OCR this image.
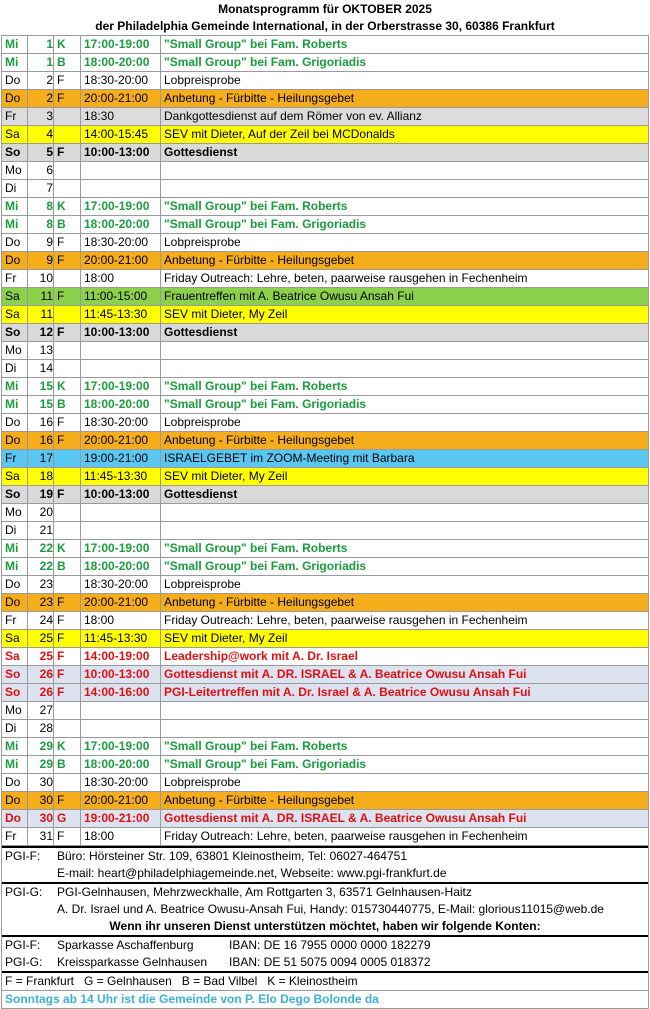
Monatsprogramm für OKTOBER 2025
der Philadelphia Gemeinde International, in der Orberstrasse 30, 60386 Frankfurt
Mi	1	K	17:00-19:00	"Small Group" bei Fam. Roberts
Mi	1	B	18:00-20:00	"Small Group" bei Fam. Grigoriadis
Do	2	F	18:30-20:00	Lobpreisprobe
Do	2	F	20:00-21:00	Anbetung - Fürbitte - Heilungsgebet
Fr	3		18:30	Dankgottesdienst auf dem Römer von ev. Allianz
Sa	4		14:00-15:45	SEV mit Dieter, Auf der Zeil bei MCDonalds
So	5	F	10:00-13:00	Gottesdienst
Mo	6			
Di	7			
Mi	8	K	17:00-19:00	"Small Group" bei Fam. Roberts
Mi	8	B	18:00-20:00	"Small Group" bei Fam. Grigoriadis
Do	9	F	18:30-20:00	Lobpreisprobe
Do	9	F	20:00-21:00	Anbetung - Fürbitte - Heilungsgebet
Fr	10		18:00	Friday Outreach: Lehre, beten, paarweise rausgehen in Fechenheim
Sa	11	F	11:00-15:00	Frauentreffen mit A. Beatrice Owusu Ansah Fui
Sa	11		11:45-13:30	SEV mit Dieter, My Zeil
So	12	F	10:00-13:00	Gottesdienst
Mo	13			
Di	14			
Mi	15	K	17:00-19:00	"Small Group" bei Fam. Roberts
Mi	15	B	18:00-20:00	"Small Group" bei Fam. Grigoriadis
Do	16	F	18:30-20:00	Lobpreisprobe
Do	16	F	20:00-21:00	Anbetung - Fürbitte - Heilungsgebet
Fr	17		19:00-21:00	ISRAELGEBET im ZOOM-Meeting mit Barbara
Sa	18		11:45-13:30	SEV mit Dieter, My Zeil
So	19	F	10:00-13:00	Gottesdienst
Mo	20			
Di	21			
Mi	22	K	17:00-19:00	"Small Group" bei Fam. Roberts
Mi	22	B	18:00-20:00	"Small Group" bei Fam. Grigoriadis
Do	23		18:30-20:00	Lobpreisprobe
Do	23	F	20:00-21:00	Anbetung - Fürbitte - Heilungsgebet
Fr	24	F	18:00	Friday Outreach: Lehre, beten, paarweise rausgehen in Fechenheim
Sa	25	F	11:45-13:30	SEV mit Dieter, My Zeil
Sa	25	F	14:00-19:00	Leadership@work mit A. Dr. Israel
So	26	F	10:00-13:00	Gottesdienst mit A. DR. ISRAEL & A. Beatrice Owusu Ansah Fui
So	26	F	14:00-16:00	PGI-Leitertreffen mit A. Dr. Israel & A. Beatrice Owusu Ansah Fui
Mo	27			
Di	28			
Mi	29	K	17:00-19:00	"Small Group" bei Fam. Roberts
Mi	29	B	18:00-20:00	"Small Group" bei Fam. Grigoriadis
Do	30		18:30-20:00	Lobpreisprobe
Do	30	F	20:00-21:00	Anbetung - Fürbitte - Heilungsgebet
Do	30	G	19:00-21:00	Gottesdienst mit A. DR. ISRAEL & A. Beatrice Owusu Ansah Fui
Fr	31	F	18:00	Friday Outreach: Lehre, beten, paarweise rausgehen in Fechenheim
PGI-F:	Büro: Hörsteiner Str. 109, 63801 Kleinostheim, Tel: 06027-464751
E-mail: heart@philadelphiagemeinde.net, Webseite: www.pgi-frankfurt.de
PGI-G:	PGI-Gelnhausen, Mehrzweckhalle, Am Rottgarten 3, 63571 Gelnhausen-Haitz
A. Dr. Israel und A. Beatrice Owusu-Ansah Fui, Handy: 015730440775, E-Mail: glorious11015@web.de
Wenn ihr unseren Dienst unterstützen möchtet, haben wir folgende Konten:
PGI-F:	Sparkasse Aschaffenburg	IBAN: DE 16 7955 0000 0000 182279
PGI-G:	Kreissparkasse Gelnhausen	IBAN: DE 51 5075 0094 0005 018372
F = Frankfurt   G = Gelnhausen   B = Bad Vilbel   K = Kleinostheim
Sonntags ab 14 Uhr ist die Gemeinde von P. Elo Dego Bolonde da
